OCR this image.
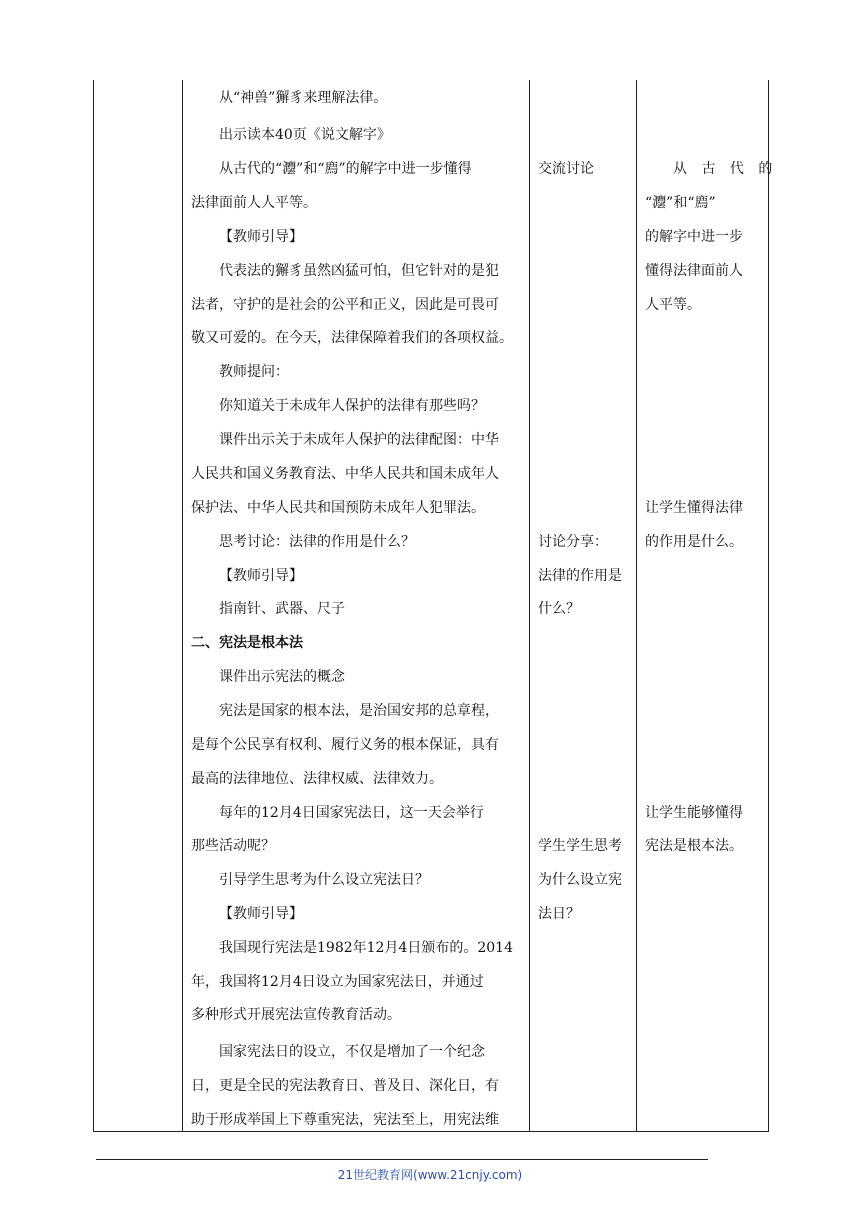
从“神兽”獬豸来理解法律。
出示读本40页《说文解字》
从古代的“灋”和“廌”的解字中进一步懂得
法律面前人人平等。
【教师引导】
代表法的獬豸虽然凶猛可怕，但它针对的是犯
法者，守护的是社会的公平和正义，因此是可畏可
敬又可爱的。在今天，法律保障着我们的各项权益。
教师提问：
你知道关于未成年人保护的法律有那些吗？
课件出示关于未成年人保护的法律配图：中华
人民共和国义务教育法、中华人民共和国未成年人
保护法、中华人民共和国预防未成年人犯罪法。
思考讨论：法律的作用是什么？
【教师引导】
指南针、武器、尺子
二、宪法是根本法
课件出示宪法的概念
宪法是国家的根本法，是治国安邦的总章程，
是每个公民享有权利、履行义务的根本保证，具有
最高的法律地位、法律权威、法律效力。
每年的12月4日国家宪法日，这一天会举行
那些活动呢？
引导学生思考为什么设立宪法日？
【教师引导】
我国现行宪法是1982年12月4日颁布的。2014
年，我国将12月4日设立为国家宪法日，并通过
多种形式开展宪法宣传教育活动。
国家宪法日的设立，不仅是增加了一个纪念
日，更是全民的宪法教育日、普及日、深化日，有
助于形成举国上下尊重宪法，宪法至上，用宪法维
交流讨论
讨论分享：
法律的作用是
什么？
学生学生思考
为什么设立宪
法日？
从 古 代 的
“灋”和“廌”
的解字中进一步
懂得法律面前人
人平等。
让学生懂得法律
的作用是什么。
让学生能够懂得
宪法是根本法。
21世纪教育网(www.21cnjy.com)
